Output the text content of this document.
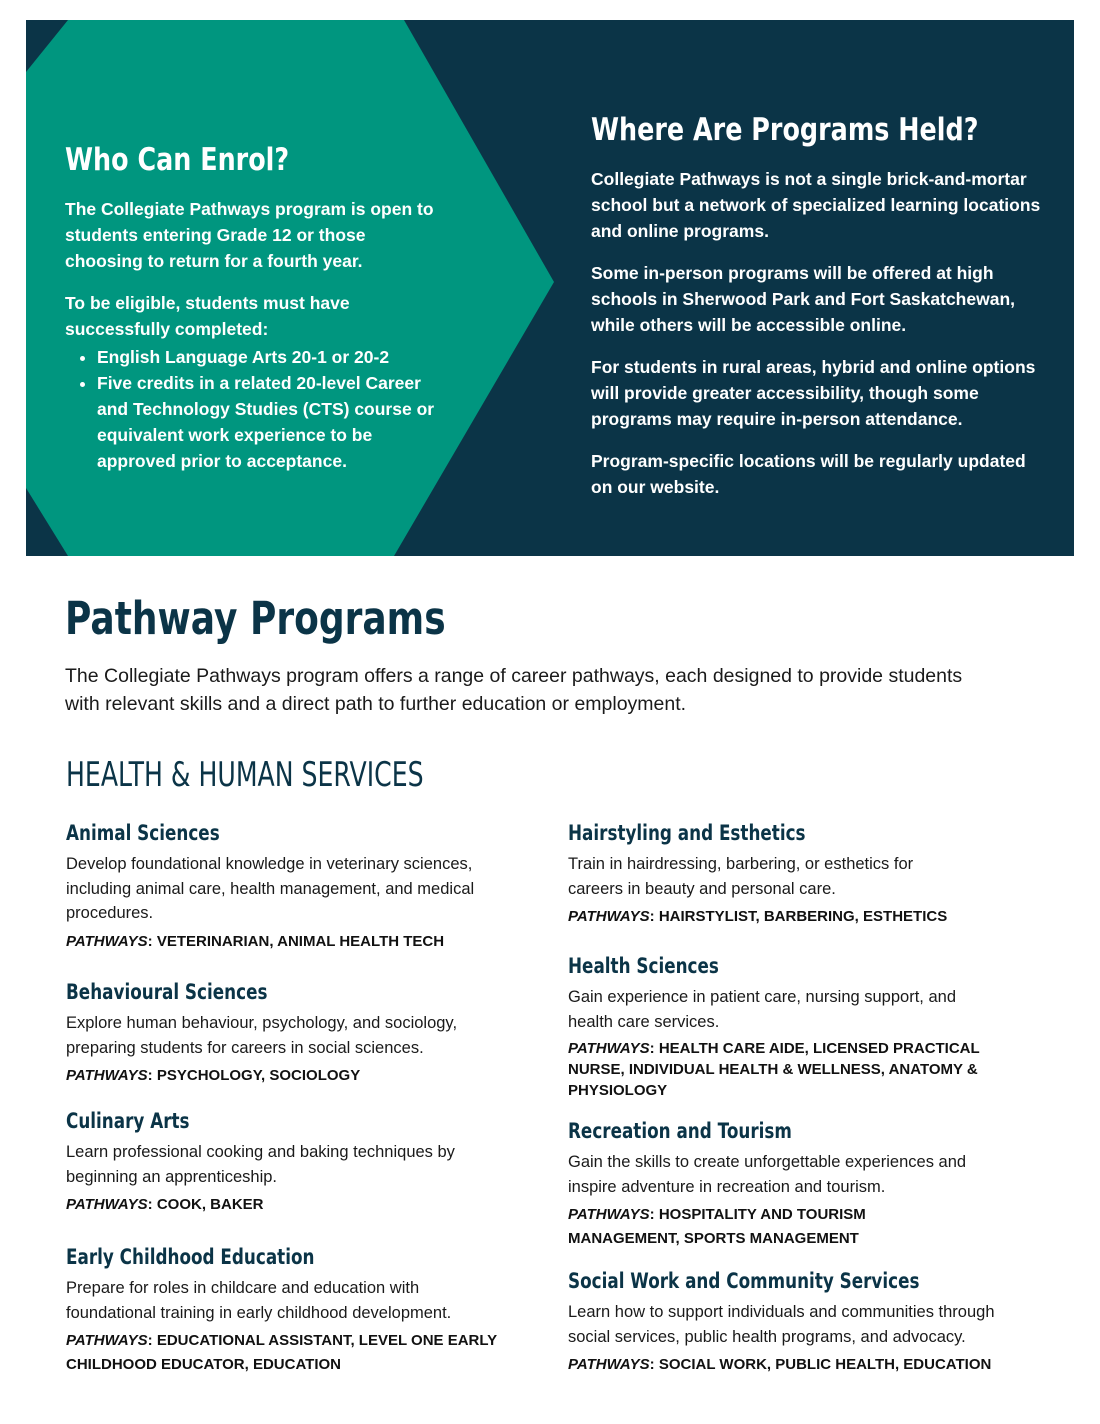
Who Can Enrol?

The Collegiate Pathways program is open to students entering Grade 12 or those choosing to return for a fourth year.

To be eligible, students must have successfully completed:

• English Language Arts 20-1 or 20-2
• Five credits in a related 20-level Career and Technology Studies (CTS) course or equivalent work experience to be approved prior to acceptance.
Where Are Programs Held?

Collegiate Pathways is not a single brick-and-mortar school but a network of specialized learning locations and online programs.

Some in-person programs will be offered at high schools in Sherwood Park and Fort Saskatchewan, while others will be accessible online.

For students in rural areas, hybrid and online options will provide greater accessibility, though some programs may require in-person attendance.

Program-specific locations will be regularly updated on our website.

Pathway Programs

The Collegiate Pathways program offers a range of career pathways, each designed to provide students with relevant skills and a direct path to further education or employment.

HEALTH & HUMAN SERVICES
Animal Sciences

Develop foundational knowledge in veterinary sciences, including animal care, health management, and medical procedures.

PATHWAYS: VETERINARIAN, ANIMAL HEALTH TECH

Behavioural Sciences

Explore human behaviour, psychology, and sociology, preparing students for careers in social sciences.

PATHWAYS: PSYCHOLOGY, SOCIOLOGY

Culinary Arts

Learn professional cooking and baking techniques by beginning an apprenticeship.

PATHWAYS: COOK, BAKER

Early Childhood Education

Prepare for roles in childcare and education with foundational training in early childhood development.

PATHWAYS: EDUCATIONAL ASSISTANT, LEVEL ONE EARLY CHILDHOOD EDUCATOR, EDUCATION

Hairstyling and Esthetics

Train in hairdressing, barbering, or esthetics for careers in beauty and personal care.

PATHWAYS: HAIRSTYLIST, BARBERING, ESTHETICS

Health Sciences

Gain experience in patient care, nursing support, and health care services.

PATHWAYS: HEALTH CARE AIDE, LICENSED PRACTICAL NURSE, INDIVIDUAL HEALTH & WELLNESS, ANATOMY & PHYSIOLOGY

Recreation and Tourism

Gain the skills to create unforgettable experiences and inspire adventure in recreation and tourism.

PATHWAYS: HOSPITALITY AND TOURISM MANAGEMENT, SPORTS MANAGEMENT

Social Work and Community Services

Learn how to support individuals and communities through social services, public health programs, and advocacy.

PATHWAYS: SOCIAL WORK, PUBLIC HEALTH, EDUCATION
